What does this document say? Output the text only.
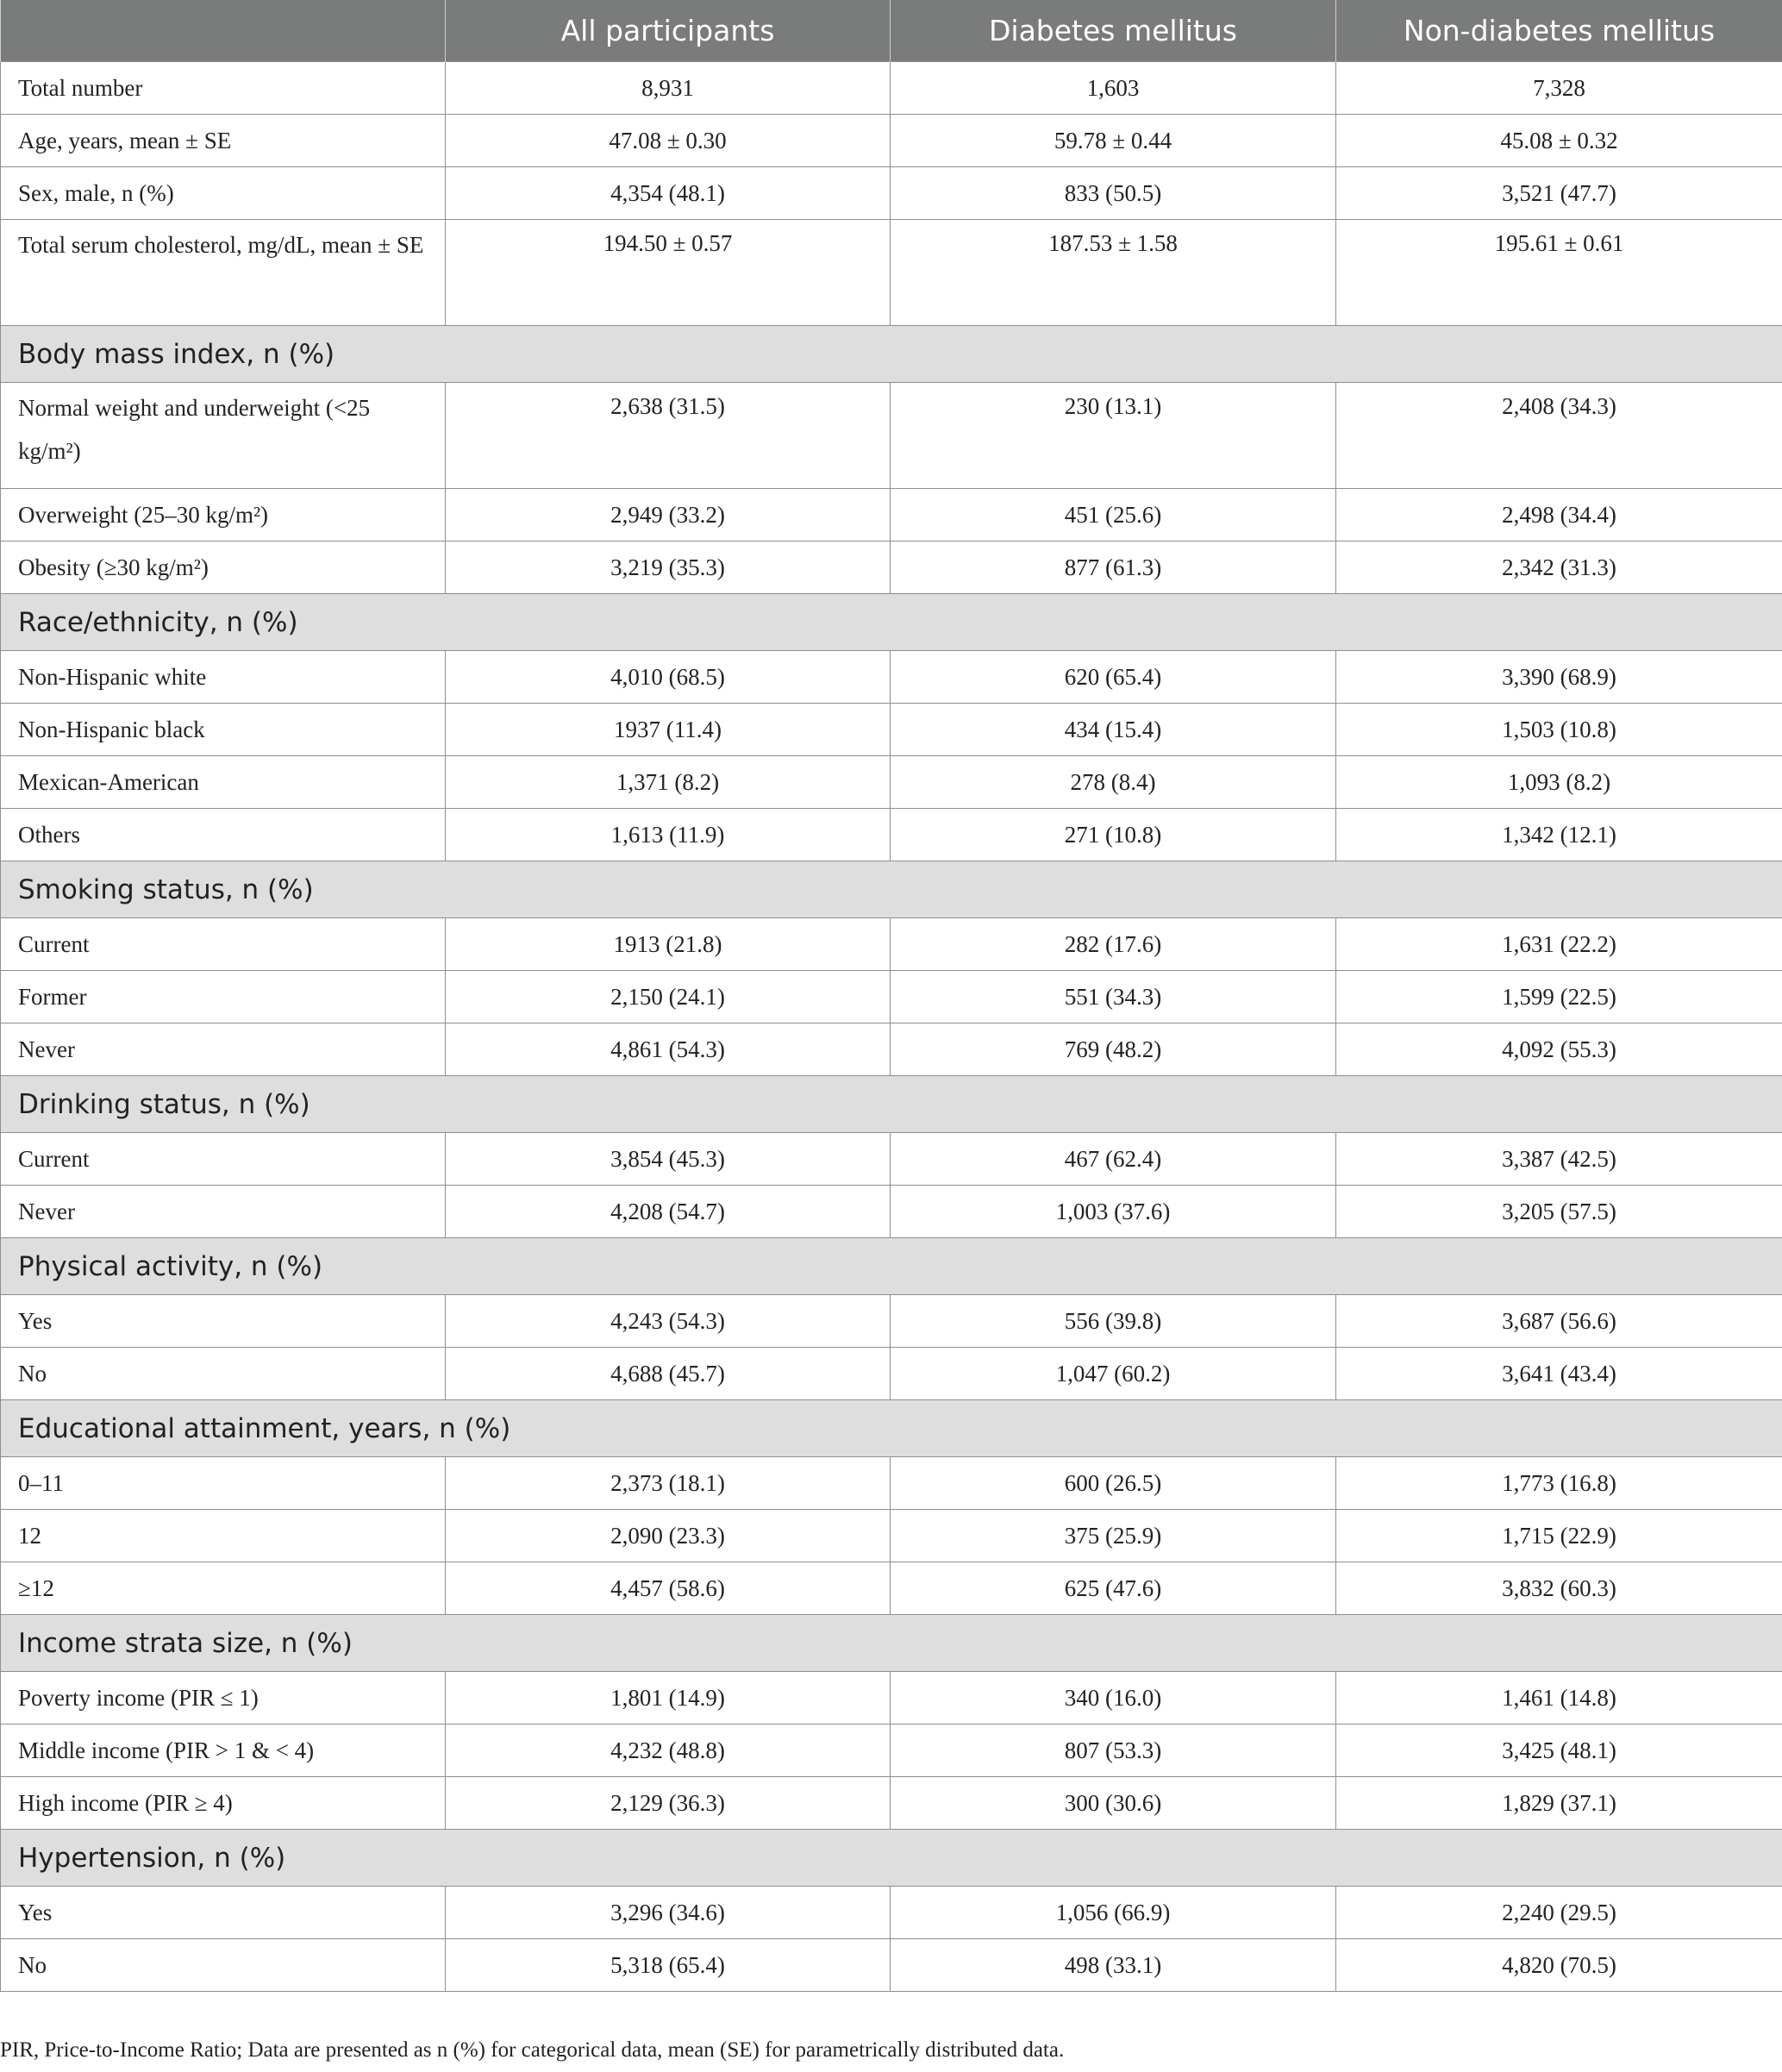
	All participants	Diabetes mellitus	Non-diabetes mellitus
Total number	8,931	1,603	7,328
Age, years, mean ± SE	47.08 ± 0.30	59.78 ± 0.44	45.08 ± 0.32
Sex, male, n (%)	4,354 (48.1)	833 (50.5)	3,521 (47.7)
Total serum cholesterol, mg/dL, mean ± SE	194.50 ± 0.57	187.53 ± 1.58	195.61 ± 0.61
Body mass index, n (%)			
Normal weight and underweight (<25 kg/m²)	2,638 (31.5)	230 (13.1)	2,408 (34.3)
Overweight (25–30 kg/m²)	2,949 (33.2)	451 (25.6)	2,498 (34.4)
Obesity (≥30 kg/m²)	3,219 (35.3)	877 (61.3)	2,342 (31.3)
Race/ethnicity, n (%)			
Non-Hispanic white	4,010 (68.5)	620 (65.4)	3,390 (68.9)
Non-Hispanic black	1937 (11.4)	434 (15.4)	1,503 (10.8)
Mexican-American	1,371 (8.2)	278 (8.4)	1,093 (8.2)
Others	1,613 (11.9)	271 (10.8)	1,342 (12.1)
Smoking status, n (%)			
Current	1913 (21.8)	282 (17.6)	1,631 (22.2)
Former	2,150 (24.1)	551 (34.3)	1,599 (22.5)
Never	4,861 (54.3)	769 (48.2)	4,092 (55.3)
Drinking status, n (%)			
Current	3,854 (45.3)	467 (62.4)	3,387 (42.5)
Never	4,208 (54.7)	1,003 (37.6)	3,205 (57.5)
Physical activity, n (%)			
Yes	4,243 (54.3)	556 (39.8)	3,687 (56.6)
No	4,688 (45.7)	1,047 (60.2)	3,641 (43.4)
Educational attainment, years, n (%)			
0–11	2,373 (18.1)	600 (26.5)	1,773 (16.8)
12	2,090 (23.3)	375 (25.9)	1,715 (22.9)
≥12	4,457 (58.6)	625 (47.6)	3,832 (60.3)
Income strata size, n (%)			
Poverty income (PIR ≤ 1)	1,801 (14.9)	340 (16.0)	1,461 (14.8)
Middle income (PIR > 1 & < 4)	4,232 (48.8)	807 (53.3)	3,425 (48.1)
High income (PIR ≥ 4)	2,129 (36.3)	300 (30.6)	1,829 (37.1)
Hypertension, n (%)			
Yes	3,296 (34.6)	1,056 (66.9)	2,240 (29.5)
No	5,318 (65.4)	498 (33.1)	4,820 (70.5)
PIR, Price-to-Income Ratio; Data are presented as n (%) for categorical data, mean (SE) for parametrically distributed data.
